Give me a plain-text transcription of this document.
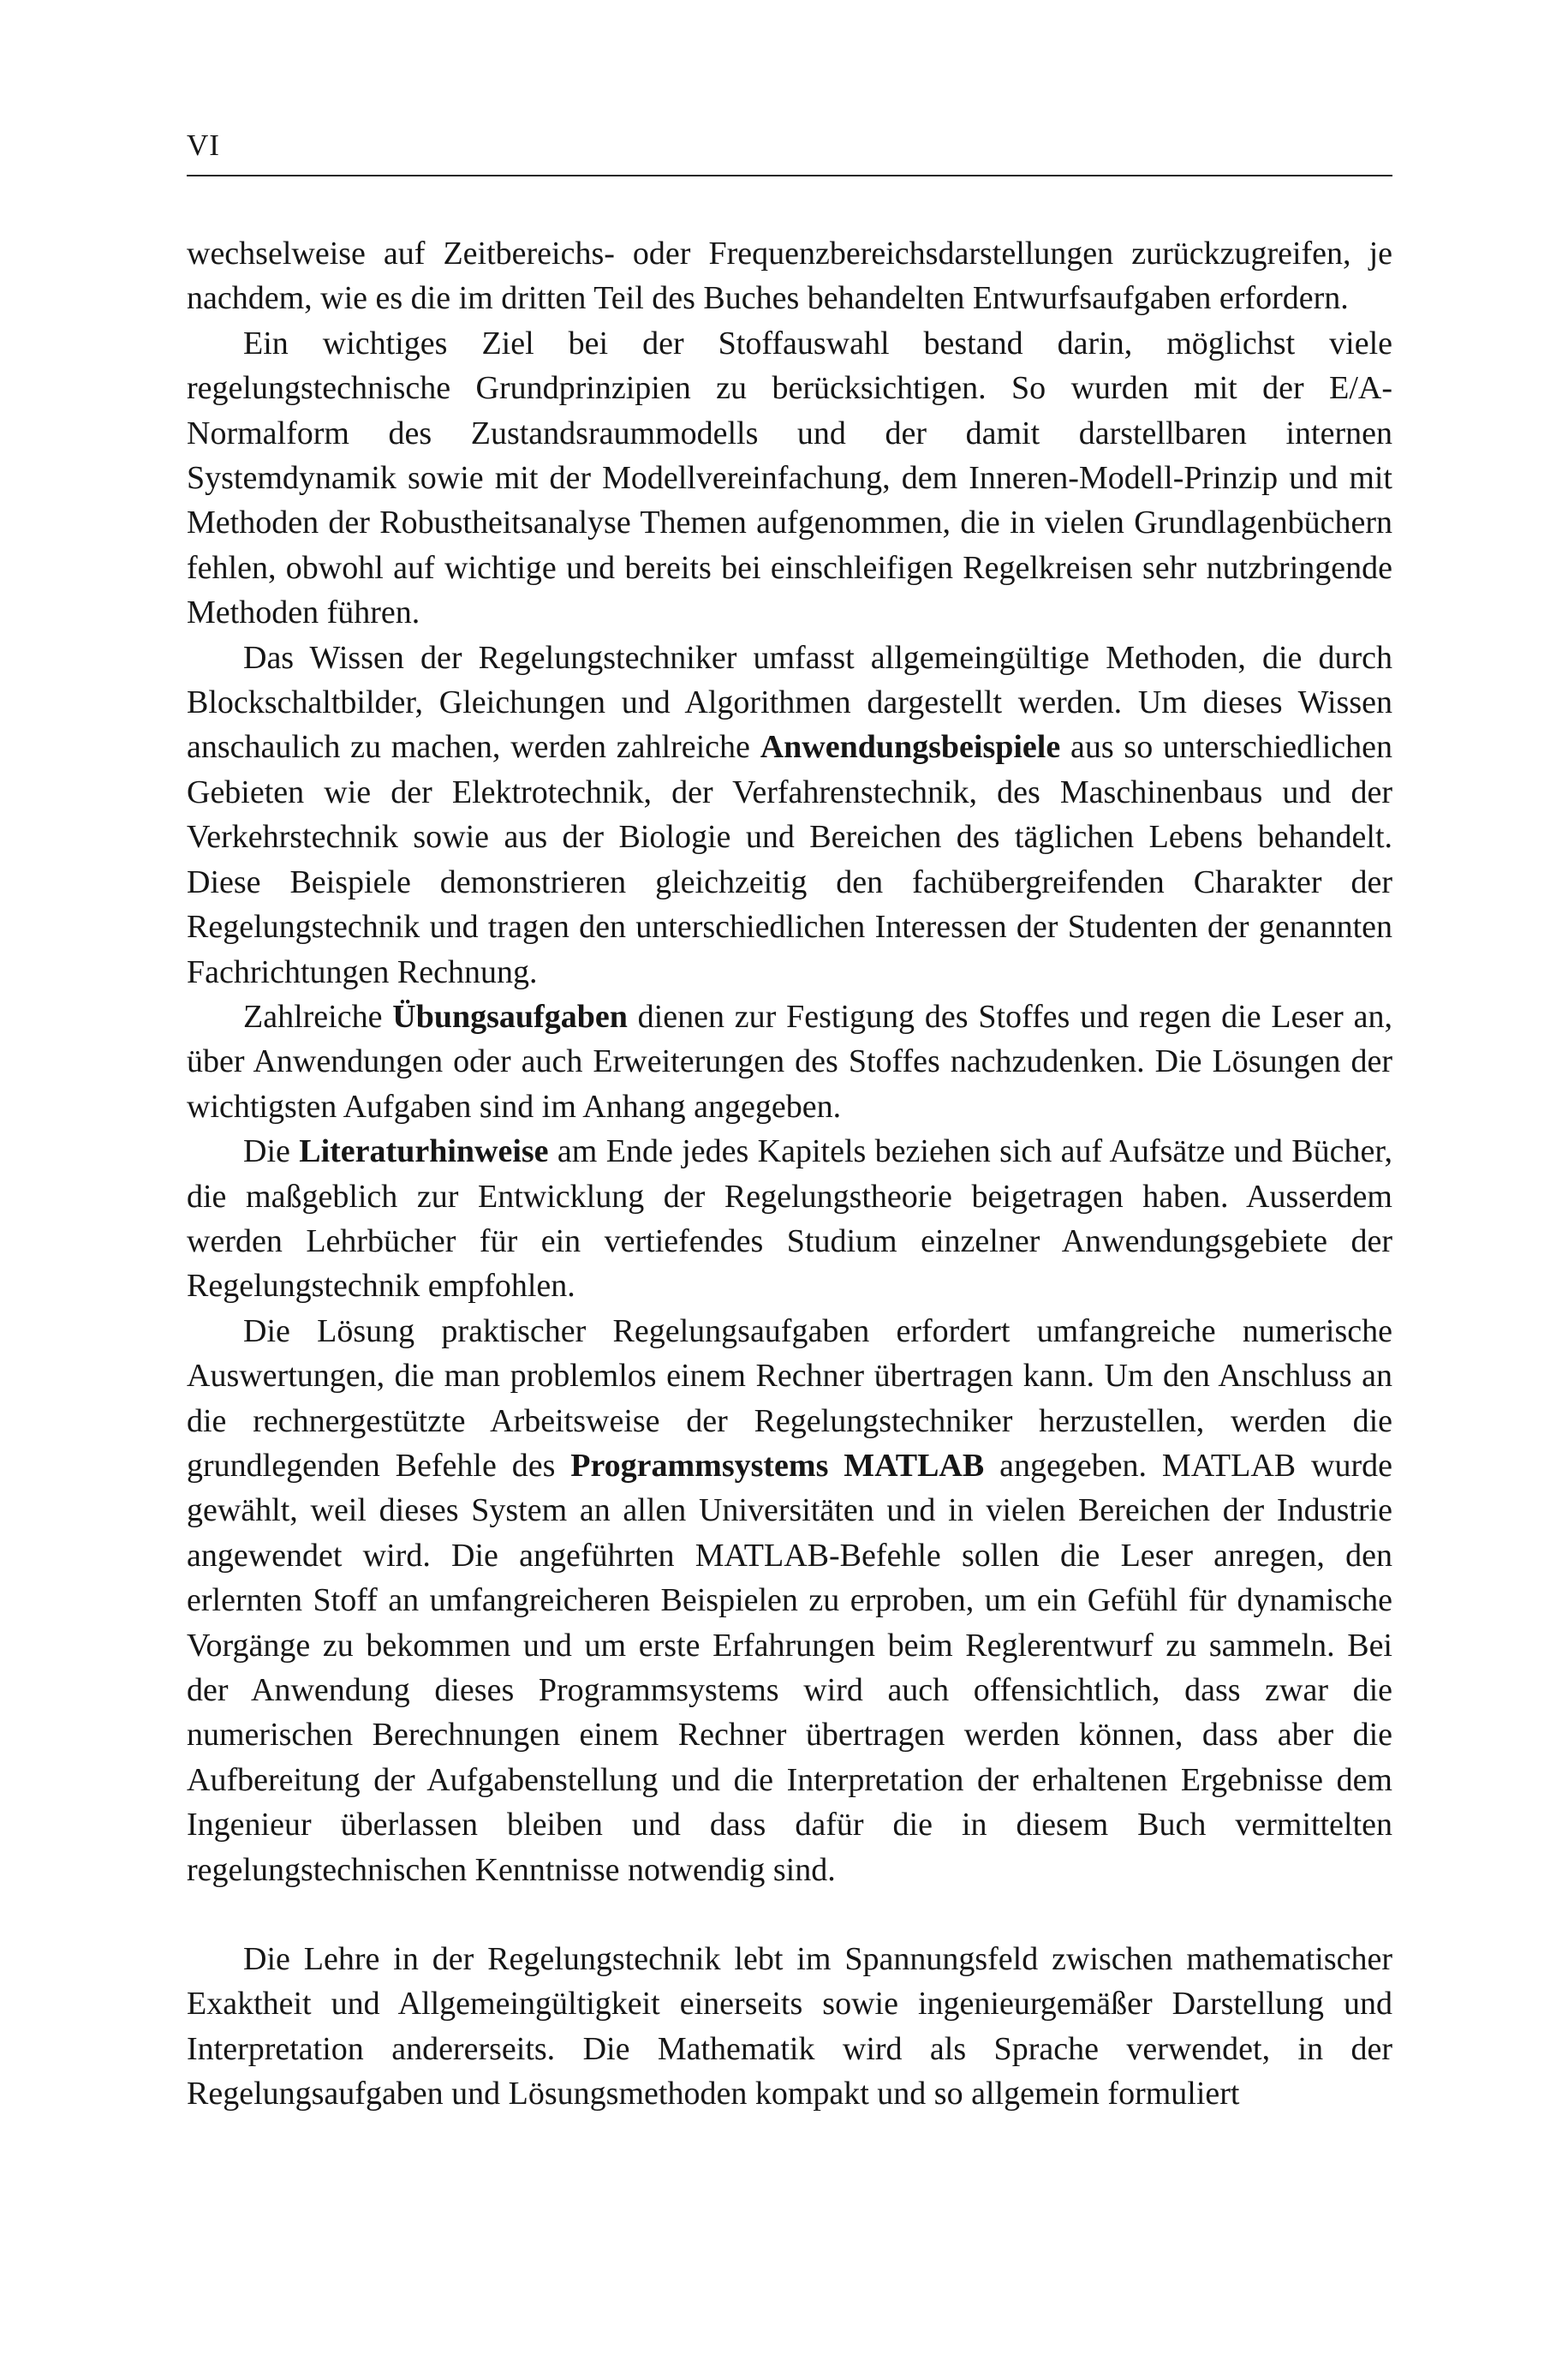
VI

wechselweise auf Zeitbereichs- oder Frequenzbereichsdarstellungen zurückzugreifen, je nachdem, wie es die im dritten Teil des Buches behandelten Entwurfsaufgaben erfordern.

Ein wichtiges Ziel bei der Stoffauswahl bestand darin, möglichst viele regelungstechnische Grundprinzipien zu berücksichtigen. So wurden mit der E/A-Normalform des Zustandsraummodells und der damit darstellbaren internen Systemdynamik sowie mit der Modellvereinfachung, dem Inneren-Modell-Prinzip und mit Methoden der Robustheitsanalyse Themen aufgenommen, die in vielen Grundlagenbüchern fehlen, obwohl auf wichtige und bereits bei einschleifigen Regelkreisen sehr nutzbringende Methoden führen.

Das Wissen der Regelungstechniker umfasst allgemeingültige Methoden, die durch Blockschaltbilder, Gleichungen und Algorithmen dargestellt werden. Um dieses Wissen anschaulich zu machen, werden zahlreiche Anwendungsbeispiele aus so unterschiedlichen Gebieten wie der Elektrotechnik, der Verfahrenstechnik, des Maschinenbaus und der Verkehrstechnik sowie aus der Biologie und Bereichen des täglichen Lebens behandelt. Diese Beispiele demonstrieren gleichzeitig den fachübergreifenden Charakter der Regelungstechnik und tragen den unterschiedlichen Interessen der Studenten der genannten Fachrichtungen Rechnung.

Zahlreiche Übungsaufgaben dienen zur Festigung des Stoffes und regen die Leser an, über Anwendungen oder auch Erweiterungen des Stoffes nachzudenken. Die Lösungen der wichtigsten Aufgaben sind im Anhang angegeben.

Die Literaturhinweise am Ende jedes Kapitels beziehen sich auf Aufsätze und Bücher, die maßgeblich zur Entwicklung der Regelungstheorie beigetragen haben. Ausserdem werden Lehrbücher für ein vertiefendes Studium einzelner Anwendungsgebiete der Regelungstechnik empfohlen.

Die Lösung praktischer Regelungsaufgaben erfordert umfangreiche numerische Auswertungen, die man problemlos einem Rechner übertragen kann. Um den Anschluss an die rechnergestützte Arbeitsweise der Regelungstechniker herzustellen, werden die grundlegenden Befehle des Programmsystems MATLAB angegeben. MATLAB wurde gewählt, weil dieses System an allen Universitäten und in vielen Bereichen der Industrie angewendet wird. Die angeführten MATLAB-Befehle sollen die Leser anregen, den erlernten Stoff an umfangreicheren Beispielen zu erproben, um ein Gefühl für dynamische Vorgänge zu bekommen und um erste Erfahrungen beim Reglerentwurf zu sammeln. Bei der Anwendung dieses Programmsystems wird auch offensichtlich, dass zwar die numerischen Berechnungen einem Rechner übertragen werden können, dass aber die Aufbereitung der Aufgabenstellung und die Interpretation der erhaltenen Ergebnisse dem Ingenieur überlassen bleiben und dass dafür die in diesem Buch vermittelten regelungstechnischen Kenntnisse notwendig sind.

Die Lehre in der Regelungstechnik lebt im Spannungsfeld zwischen mathematischer Exaktheit und Allgemeingültigkeit einerseits sowie ingenieurgemäßer Darstellung und Interpretation andererseits. Die Mathematik wird als Sprache verwendet, in der Regelungsaufgaben und Lösungsmethoden kompakt und so allgemein formuliert
